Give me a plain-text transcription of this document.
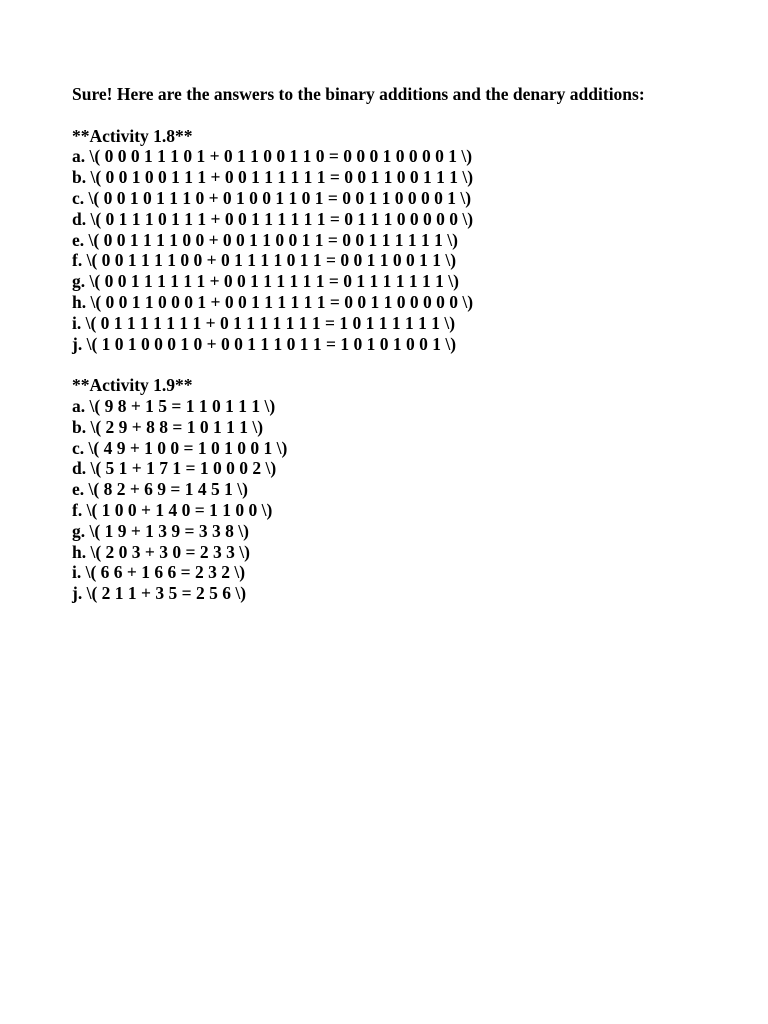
Sure! Here are the answers to the binary additions and the denary additions:

**Activity 1.8**

a. \( 0 0 0 1 1 1 0 1 + 0 1 1 0 0 1 1 0 = 0 0 0 1 0 0 0 0 1 \)

b. \( 0 0 1 0 0 1 1 1 + 0 0 1 1 1 1 1 1 = 0 0 1 1 0 0 1 1 1 \)

c. \( 0 0 1 0 1 1 1 0 + 0 1 0 0 1 1 0 1 = 0 0 1 1 0 0 0 0 1 \)

d. \( 0 1 1 1 0 1 1 1 + 0 0 1 1 1 1 1 1 = 0 1 1 1 0 0 0 0 0 \)

e. \( 0 0 1 1 1 1 0 0 + 0 0 1 1 0 0 1 1 = 0 0 1 1 1 1 1 1 \)

f. \( 0 0 1 1 1 1 0 0 + 0 1 1 1 1 0 1 1 = 0 0 1 1 0 0 1 1 \)

g. \( 0 0 1 1 1 1 1 1 + 0 0 1 1 1 1 1 1 = 0 1 1 1 1 1 1 1 \)

h. \( 0 0 1 1 0 0 0 1 + 0 0 1 1 1 1 1 1 = 0 0 1 1 0 0 0 0 0 \)

i. \( 0 1 1 1 1 1 1 1 + 0 1 1 1 1 1 1 1 = 1 0 1 1 1 1 1 1 \)

j. \( 1 0 1 0 0 0 1 0 + 0 0 1 1 1 0 1 1 = 1 0 1 0 1 0 0 1 \)

**Activity 1.9**

a. \( 9 8 + 1 5 = 1 1 0 1 1 1 \)

b. \( 2 9 + 8 8 = 1 0 1 1 1 \)

c. \( 4 9 + 1 0 0 = 1 0 1 0 0 1 \)

d. \( 5 1 + 1 7 1 = 1 0 0 0 2 \)

e. \( 8 2 + 6 9 = 1 4 5 1 \)

f. \( 1 0 0 + 1 4 0 = 1 1 0 0 \)

g. \( 1 9 + 1 3 9 = 3 3 8 \)

h. \( 2 0 3 + 3 0 = 2 3 3 \)

i. \( 6 6 + 1 6 6 = 2 3 2 \)

j. \( 2 1 1 + 3 5 = 2 5 6 \)
